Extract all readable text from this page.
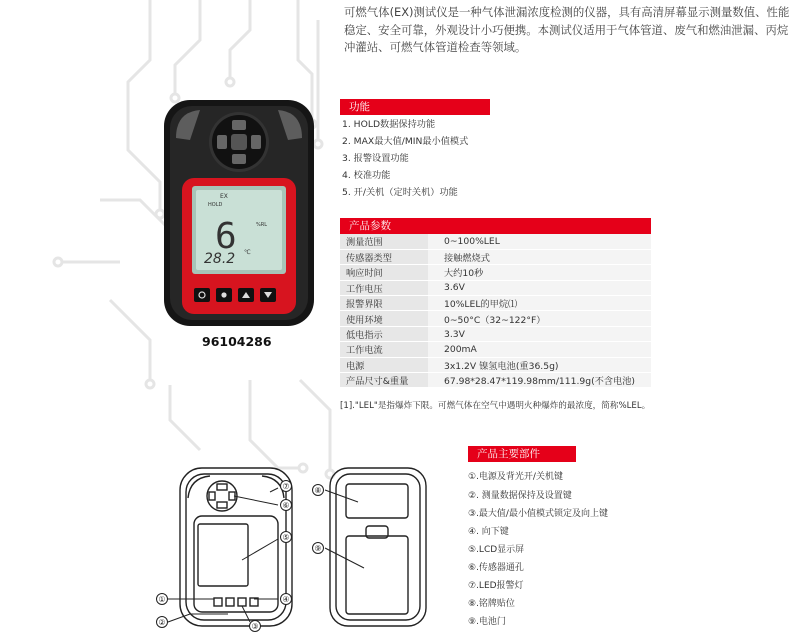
EX
HOLD
6	%RL
28.2 ℃
96104286
可燃气体(EX)测试仪是一种气体泄漏浓度检测的仪器，具有高清屏幕显示测量数值、性能稳定、安全可靠，外观设计小巧便携。本测试仪适用于气体管道、废气和燃油泄漏、丙烷冲灌站、可燃气体管道检查等领域。
功能
1. HOLD数据保持功能
2. MAX最大值/MIN最小值模式
3. 报警设置功能
4. 校准功能
5. 开/关机（定时关机）功能
产品参数
测量范围	0~100%LEL
传感器类型	接触燃烧式
响应时间	大约10秒
工作电压	3.6V
报警界限	10%LEL的甲烷⑴
使用环境	0~50°C（32~122°F）
低电指示	3.3V
工作电流	200mA
电源	3x1.2V 镍氢电池(重36.5g)
产品尺寸&重量	67.98*28.47*119.98mm/111.9g(不含电池)
[1]."LEL"是指爆炸下限。可燃气体在空气中遇明火种爆炸的最浓度，简称%LEL。
产品主要部件
①.电源及背光开/关机键
②. 测量数据保持及设置键
③.最大值/最小值模式锁定及向上键
④. 向下键
⑤.LCD显示屏
⑥.传感器通孔
⑦.LED报警灯
⑧.铭牌贴位
⑨.电池门
①
②	③
④
⑤
⑥
⑦	⑧
⑨
